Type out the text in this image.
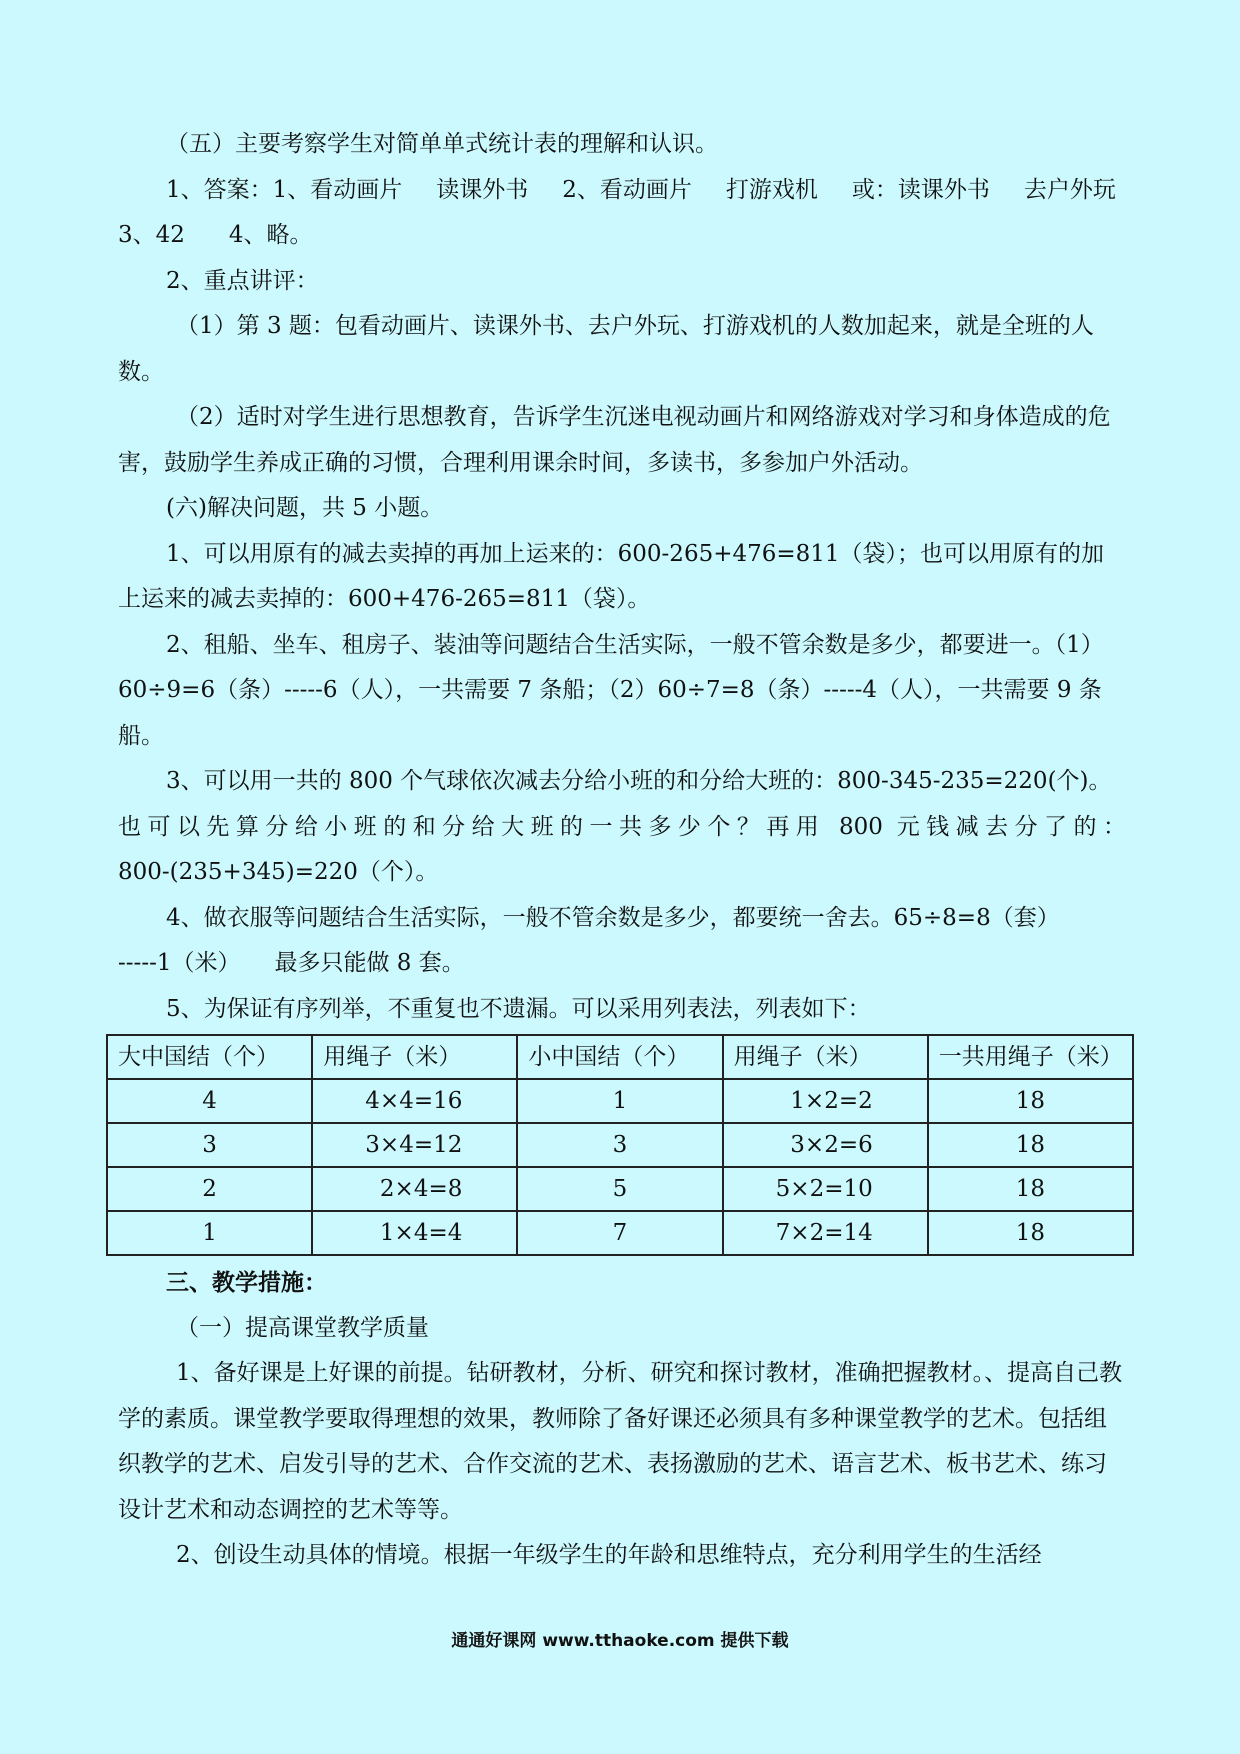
（五）主要考察学生对简单单式统计表的理解和认识。

1、答案：1、看动画片 读课外书 2、看动画片 打游戏机 或：读课外书 去户外玩

3、42 4、略。

2、重点讲评：

（1）第 3 题：包看动画片、读课外书、去户外玩、打游戏机的人数加起来，就是全班的人数。

（2）适时对学生进行思想教育，告诉学生沉迷电视动画片和网络游戏对学习和身体造成的危害，鼓励学生养成正确的习惯，合理利用课余时间，多读书，多参加户外活动。

(六)解决问题，共 5 小题。

1、可以用原有的减去卖掉的再加上运来的：600-265+476=811（袋）；也可以用原有的加上运来的减去卖掉的：600+476-265=811（袋）。

2、租船、坐车、租房子、装油等问题结合生活实际，一般不管余数是多少，都要进一。（1）60÷9=6（条）-----6（人），一共需要 7 条船；（2）60÷7=8（条）-----4（人），一共需要 9 条船。

3、可以用一共的 800 个气球依次减去分给小班的和分给大班的：800-345-235=220(个)。

也可以先算分给小班的和分给大班的一共多少个？再用 800 元钱减去分了的：

800-(235+345)=220（个）。

4、做衣服等问题结合生活实际，一般不管余数是多少，都要统一舍去。65÷8=8（套）

-----1（米） 最多只能做 8 套。

5、为保证有序列举，不重复也不遗漏。可以采用列表法，列表如下：

大中国结（个）	用绳子（米）	小中国结（个）	用绳子（米）	一共用绳子（米）
4	4×4=16	1	1×2=2	18
3	3×4=12	3	3×2=6	18
2	2×4=8	5	5×2=10	18
1	1×4=4	7	7×2=14	18

三、教学措施：

（一）提高课堂教学质量

1、备好课是上好课的前提。钻研教材，分析、研究和探讨教材，准确把握教材。、提高自己教学的素质。课堂教学要取得理想的效果，教师除了备好课还必须具有多种课堂教学的艺术。包括组织教学的艺术、启发引导的艺术、合作交流的艺术、表扬激励的艺术、语言艺术、板书艺术、练习设计艺术和动态调控的艺术等等。

2、创设生动具体的情境。根据一年级学生的年龄和思维特点，充分利用学生的生活经

通通好课网 www.tthaoke.com 提供下载
